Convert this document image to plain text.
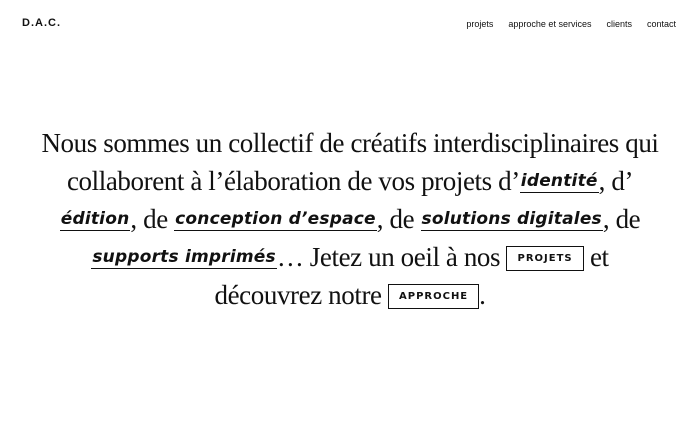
D.A.C.	projets approche et services clients contact
Nous sommes un collectif de créatifs interdisciplinaires qui collaborent à l’élaboration de vos projets d’identité, d’édition, de conception d’espace, de solutions digitales, de supports imprimés… Jetez un oeil à nos PROJETS et découvrez notre APPROCHE .
